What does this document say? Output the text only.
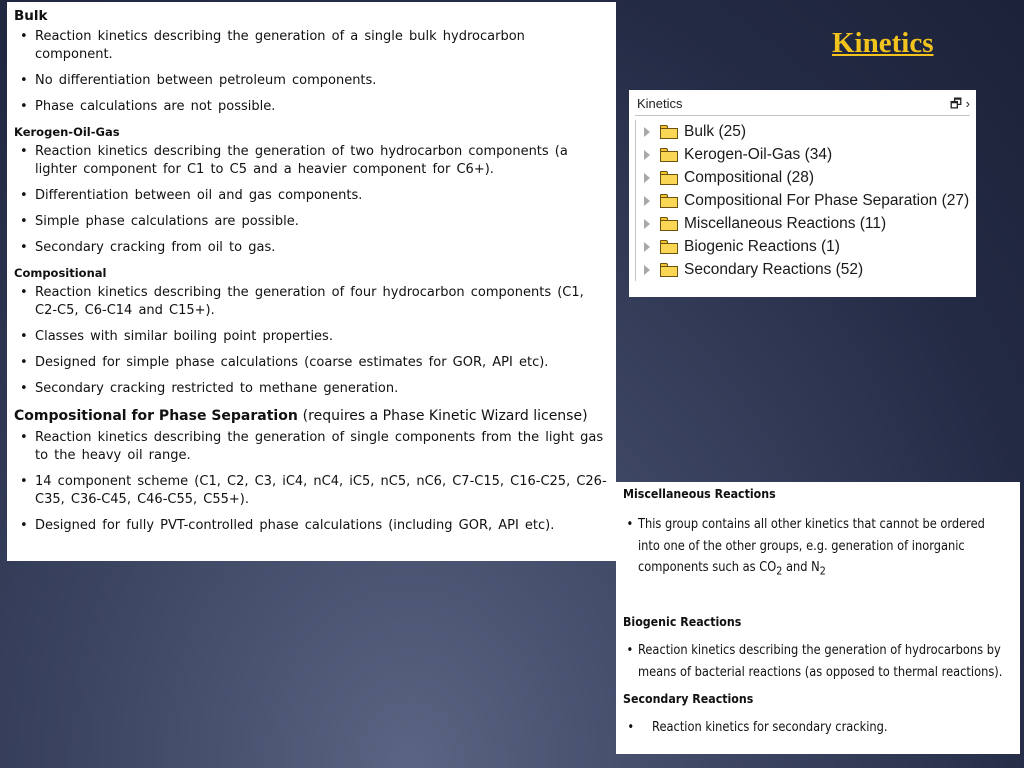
Bulk
• Reaction kinetics describing the generation of a single bulk hydrocarbon component.
• No differentiation between petroleum components.
• Phase calculations are not possible.
Kerogen-Oil-Gas
• Reaction kinetics describing the generation of two hydrocarbon components (a lighter component for C1 to C5 and a heavier component for C6+).
• Differentiation between oil and gas components.
• Simple phase calculations are possible.
• Secondary cracking from oil to gas.
Compositional
• Reaction kinetics describing the generation of four hydrocarbon components (C1, C2-C5, C6-C14 and C15+).
• Classes with similar boiling point properties.
• Designed for simple phase calculations (coarse estimates for GOR, API etc).
• Secondary cracking restricted to methane generation.
Compositional for Phase Separation (requires a Phase Kinetic Wizard license)
• Reaction kinetics describing the generation of single components from the light gas to the heavy oil range.
• 14 component scheme (C1, C2, C3, iC4, nC4, iC5, nC5, nC6, C7-C15, C16-C25, C26-C35, C36-C45, C46-C55, C55+).
• Designed for fully PVT-controlled phase calculations (including GOR, API etc).
Kinetics
Kinetics	🗗 ›
Bulk (25)
Kerogen-Oil-Gas (34)
Compositional (28)
Compositional For Phase Separation (27)
Miscellaneous Reactions (11)
Biogenic Reactions (1)
Secondary Reactions (52)
Miscellaneous Reactions
• This group contains all other kinetics that cannot be ordered
into one of the other groups, e.g. generation of inorganic
components such as $CO_2$ and $N_2$
Biogenic Reactions
• Reaction kinetics describing the generation of hydrocarbons by
means of bacterial reactions (as opposed to thermal reactions).
Secondary Reactions
• Reaction kinetics for secondary cracking.
